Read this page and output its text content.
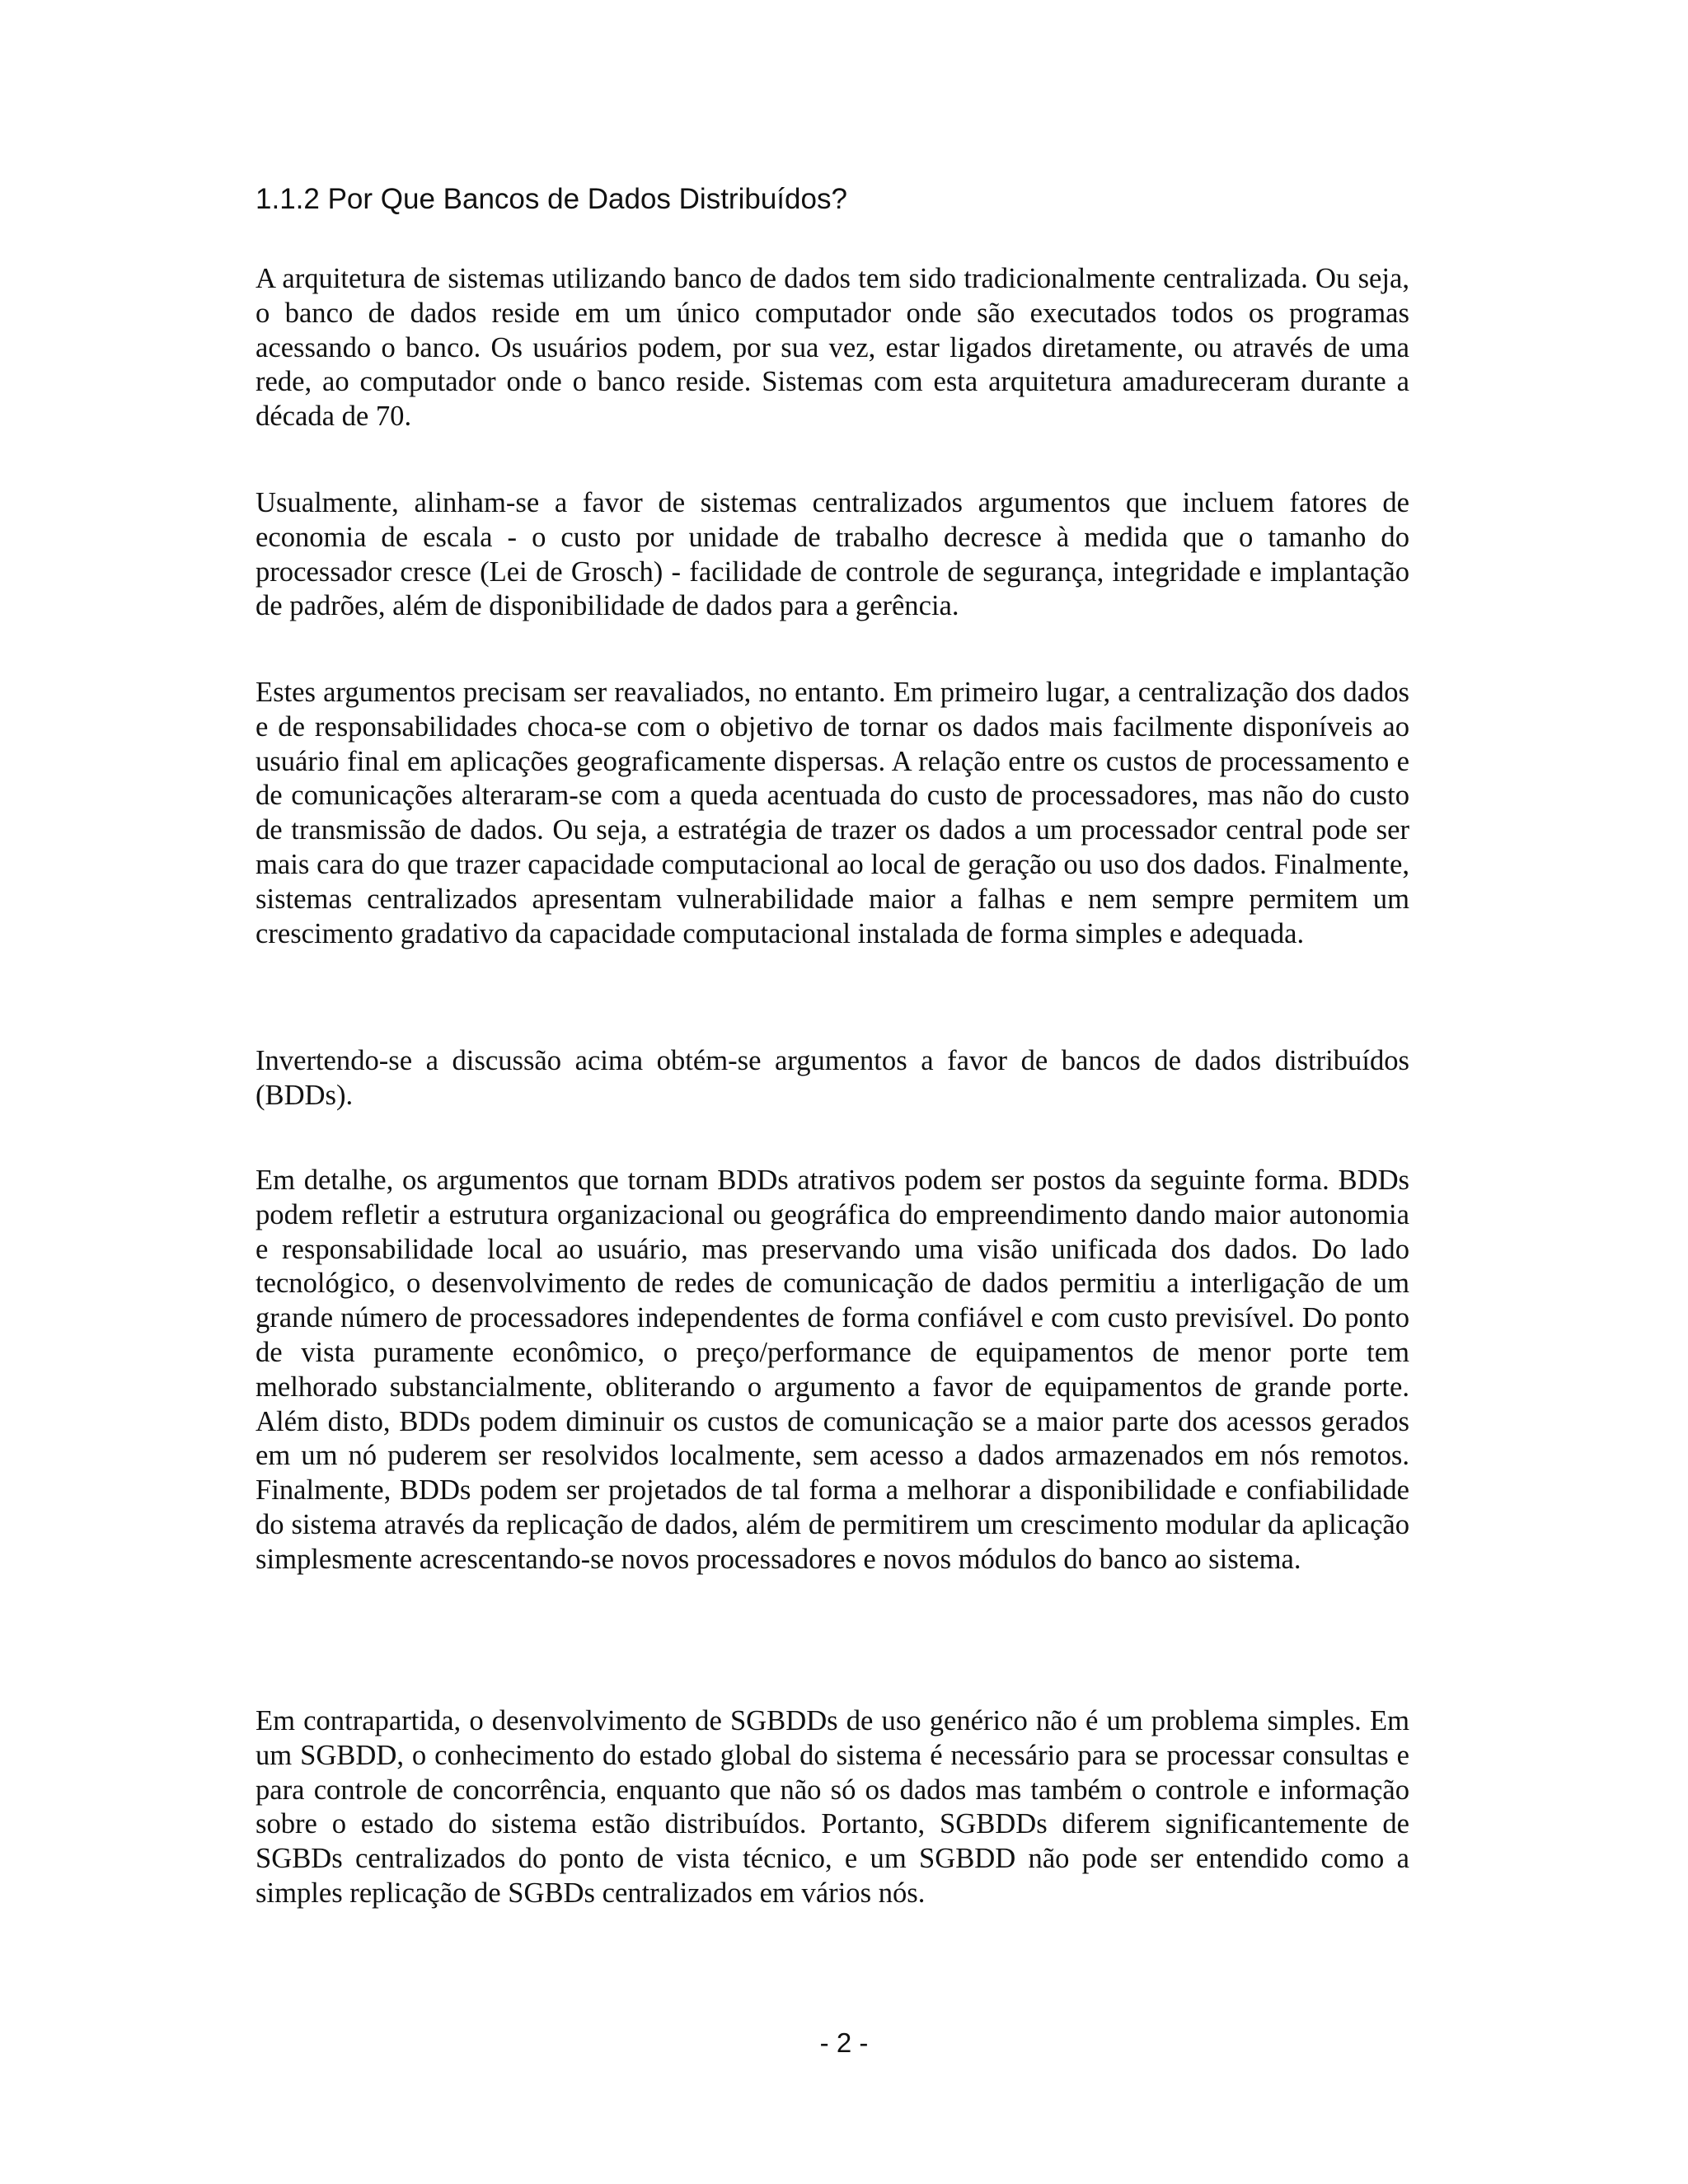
1.1.2 Por Que Bancos de Dados Distribuídos?

A arquitetura de sistemas utilizando banco de dados tem sido tradicionalmente centralizada. Ou seja, o banco de dados reside em um único computador onde são executados todos os programas acessando o banco. Os usuários podem, por sua vez, estar ligados diretamente, ou através de uma rede, ao computador onde o banco reside. Sistemas com esta arquitetura amadureceram durante a década de 70.

Usualmente, alinham-se a favor de sistemas centralizados argumentos que incluem fatores de economia de escala - o custo por unidade de trabalho decresce à medida que o tamanho do processador cresce (Lei de Grosch) - facilidade de controle de segurança, integridade e implantação de padrões, além de disponibilidade de dados para a gerência.

Estes argumentos precisam ser reavaliados, no entanto. Em primeiro lugar, a centralização dos dados e de responsabilidades choca-se com o objetivo de tornar os dados mais facilmente disponíveis ao usuário final em aplicações geograficamente dispersas. A relação entre os custos de processamento e de comunicações alteraram-se com a queda acentuada do custo de processadores, mas não do custo de transmissão de dados. Ou seja, a estratégia de trazer os dados a um processador central pode ser mais cara do que trazer capacidade computacional ao local de geração ou uso dos dados. Finalmente, sistemas centralizados apresentam vulnerabilidade maior a falhas e nem sempre permitem um crescimento gradativo da capacidade computacional instalada de forma simples e adequada.

Invertendo-se a discussão acima obtém-se argumentos a favor de bancos de dados distribuídos (BDDs).

Em detalhe, os argumentos que tornam BDDs atrativos podem ser postos da seguinte forma. BDDs podem refletir a estrutura organizacional ou geográfica do empreendimento dando maior autonomia e responsabilidade local ao usuário, mas preservando uma visão unificada dos dados. Do lado tecnológico, o desenvolvimento de redes de comunicação de dados permitiu a interligação de um grande número de processadores independentes de forma confiável e com custo previsível. Do ponto de vista puramente econômico, o preço/performance de equipamentos de menor porte tem melhorado substancialmente, obliterando o argumento a favor de equipamentos de grande porte. Além disto, BDDs podem diminuir os custos de comunicação se a maior parte dos acessos gerados em um nó puderem ser resolvidos localmente, sem acesso a dados armazenados em nós remotos. Finalmente, BDDs podem ser projetados de tal forma a melhorar a disponibilidade e confiabilidade do sistema através da replicação de dados, além de permitirem um crescimento modular da aplicação simplesmente acrescentando-se novos processadores e novos módulos do banco ao sistema.

Em contrapartida, o desenvolvimento de SGBDDs de uso genérico não é um problema simples. Em um SGBDD, o conhecimento do estado global do sistema é necessário para se processar consultas e para controle de concorrência, enquanto que não só os dados mas também o controle e informação sobre o estado do sistema estão distribuídos. Portanto, SGBDDs diferem significantemente de SGBDs centralizados do ponto de vista técnico, e um SGBDD não pode ser entendido como a simples replicação de SGBDs centralizados em vários nós.

- 2 -
